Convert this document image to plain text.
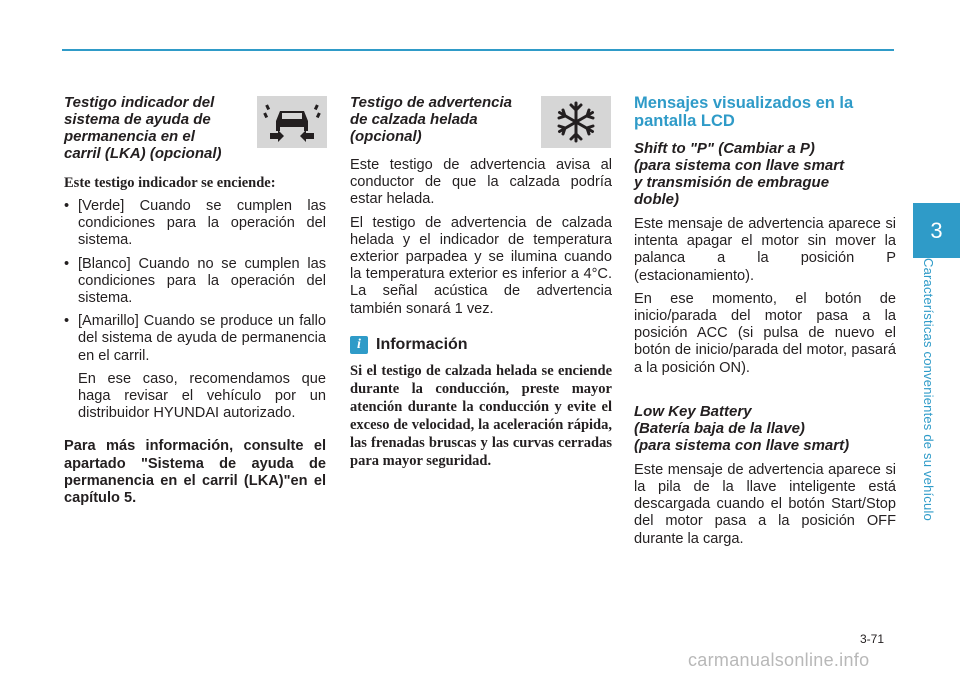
Testigo indicador del
sistema de ayuda de
permanencia en el
carril (LKA) (opcional)
Este testigo indicador se enciende:
• [Verde] Cuando se cumplen las condiciones para la operación del sistema.
• [Blanco] Cuando no se cumplen las condiciones para la operación del sistema.
• [Amarillo] Cuando se produce un fallo del sistema de ayuda de permanencia en el carril.
En ese caso, recomendamos que haga revisar el vehículo por un distribuidor HYUNDAI autorizado.

Para más información, consulte el apartado "Sistema de ayuda de permanencia en el carril (LKA)"en el capítulo 5.

Testigo de advertencia
de calzada helada
(opcional)

Este testigo de advertencia avisa al conductor de que la calzada podría estar helada.

El testigo de advertencia de calzada helada y el indicador de temperatura exterior parpadea y se ilumina cuando la temperatura exterior es inferior a 4°C. La señal acústica de advertencia también sonará 1 vez.

i Información

Si el testigo de calzada helada se enciende durante la conducción, preste mayor atención durante la conducción y evite el exceso de velocidad, la aceleración rápida, las frenadas bruscas y las curvas cerradas para mayor seguridad.

Mensajes visualizados en la
pantalla LCD
Shift to "P" (Cambiar a P)
(para sistema con llave smart
y transmisión de embrague
doble)

Este mensaje de advertencia aparece si intenta apagar el motor sin mover la palanca a la posición P (estacionamiento).

En ese momento, el botón de inicio/parada del motor pasa a la posición ACC (si pulsa de nuevo el botón de inicio/parada del motor, pasará a la posición ON).

Low Key Battery
(Batería baja de la llave)
(para sistema con llave smart)

Este mensaje de advertencia aparece si la pila de la llave inteligente está descargada cuando el botón Start/Stop del motor pasa a la posición OFF durante la carga.

3
Características convenientes de su vehículo
3-71
carmanualsonline.info
